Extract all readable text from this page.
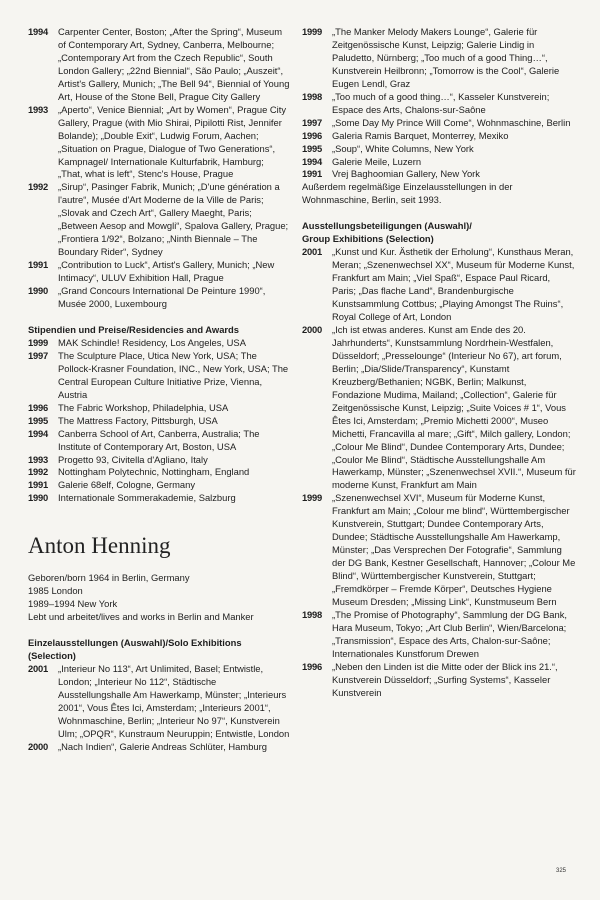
1994	Carpenter Center, Boston; „After the Spring“, Museum of Contemporary Art, Sydney, Canberra, Melbourne; „Contemporary Art from the Czech Republic“, South London Gallery; „22nd Biennial“, São Paulo; „Auszeit“, Artist's Gallery, Munich; „The Bell 94“, Biennial of Young Art, House of the Stone Bell, Prague City Gallery
1993	„Aperto“, Venice Biennial; „Art by Women“, Prague City Gallery, Prague (with Mio Shirai, Pipilotti Rist, Jennifer Bolande); „Double Exit“, Ludwig Forum, Aachen; „Situation on Prague, Dialogue of Two Generations“, Kampnagel/ Internationale Kulturfabrik, Hamburg; „That, what is left“, Stenc's House, Prague
1992	„Sirup“, Pasinger Fabrik, Munich; „D'une génération a l'autre“, Musée d'Art Moderne de la Ville de Paris; „Slovak and Czech Art“, Gallery Maeght, Paris; „Between Aesop and Mowgli“, Spalova Gallery, Prague; „Frontiera 1/92“, Bolzano; „Ninth Biennale – The Boundary Rider“, Sydney
1991	„Contribution to Luck“, Artist's Gallery, Munich; „New Intimacy“, ULUV Exhibition Hall, Prague
1990	„Grand Concours International De Peinture 1990“, Musée 2000, Luxembourg
Stipendien und Preise/Residencies and Awards
1999	MAK Schindle! Residency, Los Angeles, USA
1997	The Sculpture Place, Utica New York, USA; The Pollock-Krasner Foundation, INC., New York, USA; The Central European Culture Initiative Prize, Vienna, Austria
1996	The Fabric Workshop, Philadelphia, USA
1995	The Mattress Factory, Pittsburgh, USA
1994	Canberra School of Art, Canberra, Australia; The Institute of Contemporary Art, Boston, USA
1993	Progetto 93, Civitella d'Agliano, Italy
1992	Nottingham Polytechnic, Nottingham, England
1991	Galerie 68elf, Cologne, Germany
1990	Internationale Sommerakademie, Salzburg
Anton Henning
Geboren/born 1964 in Berlin, Germany
1985 London
1989–1994 New York
Lebt und arbeitet/lives and works in Berlin and Manker
Einzelausstellungen (Auswahl)/Solo Exhibitions (Selection)
2001	„Interieur No 113“, Art Unlimited, Basel; Entwistle, London; „Interieur No 112“, Städtische Ausstellungshalle Am Hawerkamp, Münster; „Interieurs 2001“, Vous Êtes Ici, Amsterdam; „Interieurs 2001“, Wohnmaschine, Berlin; „Interieur No 97“, Kunstverein Ulm; „OPQR“, Kunstraum Neuruppin; Entwistle, London
2000	„Nach Indien“, Galerie Andreas Schlüter, Hamburg
1999	„The Manker Melody Makers Lounge“, Galerie für Zeitgenössische Kunst, Leipzig; Galerie Lindig in Paludetto, Nürnberg; „Too much of a good Thing…“, Kunstverein Heilbronn; „Tomorrow is the Cool“, Galerie Eugen Lendl, Graz
1998	„Too much of a good thing…“, Kasseler Kunstverein; Espace des Arts, Chalons-sur-Saône
1997	„Some Day My Prince Will Come“, Wohnmaschine, Berlin
1996	Galeria Ramis Barquet, Monterrey, Mexiko
1995	„Soup“, White Columns, New York
1994	Galerie Meile, Luzern
1991	Vrej Baghoomian Gallery, New York
Außerdem regelmäßige Einzelausstellungen in der Wohnmaschine, Berlin, seit 1993.
Ausstellungsbeteiligungen (Auswahl)/
Group Exhibitions (Selection)
2001	„Kunst und Kur. Ästhetik der Erholung“, Kunsthaus Meran, Meran; „Szenenwechsel XX“, Museum für Moderne Kunst, Frankfurt am Main; „Viel Spaß“, Espace Paul Ricard, Paris; „Das flache Land“, Brandenburgische Kunstsammlung Cottbus; „Playing Amongst The Ruins“, Royal College of Art, London
2000	„Ich ist etwas anderes. Kunst am Ende des 20. Jahrhunderts“, Kunstsammlung Nordrhein-Westfalen, Düsseldorf; „Presselounge“ (Interieur No 67), art forum, Berlin; „Dia/Slide/Transparency“, Kunstamt Kreuzberg/Bethanien; NGBK, Berlin; Malkunst, Fondazione Mudima, Mailand; „Collection“, Galerie für Zeitgenössische Kunst, Leipzig; „Suite Voices # 1“, Vous Êtes Ici, Amsterdam; „Premio Michetti 2000“, Museo Michetti, Francavilla al mare; „Gift“, Milch gallery, London; „Colour Me Blind“, Dundee Contemporary Arts, Dundee; „Coulor Me Blind“, Städtische Ausstellungshalle Am Hawerkamp, Münster; „Szenenwechsel XVII.“, Museum für moderne Kunst, Frankfurt am Main
1999	„Szenenwechsel XVI“, Museum für Moderne Kunst, Frankfurt am Main; „Colour me blind“, Württembergischer Kunstverein, Stuttgart; Dundee Contemporary Arts, Dundee; Städtische Ausstellungshalle Am Hawerkamp, Münster; „Das Versprechen Der Fotografie“, Sammlung der DG Bank, Kestner Gesellschaft, Hannover; „Colour Me Blind“, Württembergischer Kunstverein, Stuttgart; „Fremdkörper – Fremde Körper“, Deutsches Hygiene Museum Dresden; „Missing Link“, Kunstmuseum Bern
1998	„The Promise of Photography“, Sammlung der DG Bank, Hara Museum, Tokyo; „Art Club Berlin“, Wien/Barcelona; „Transmission“, Espace des Arts, Chalon-sur-Saône; Internationales Kunstforum Drewen
1996	„Neben den Linden ist die Mitte oder der Blick ins 21.“, Kunstverein Düsseldorf; „Surfing Systems“, Kasseler Kunstverein
325
